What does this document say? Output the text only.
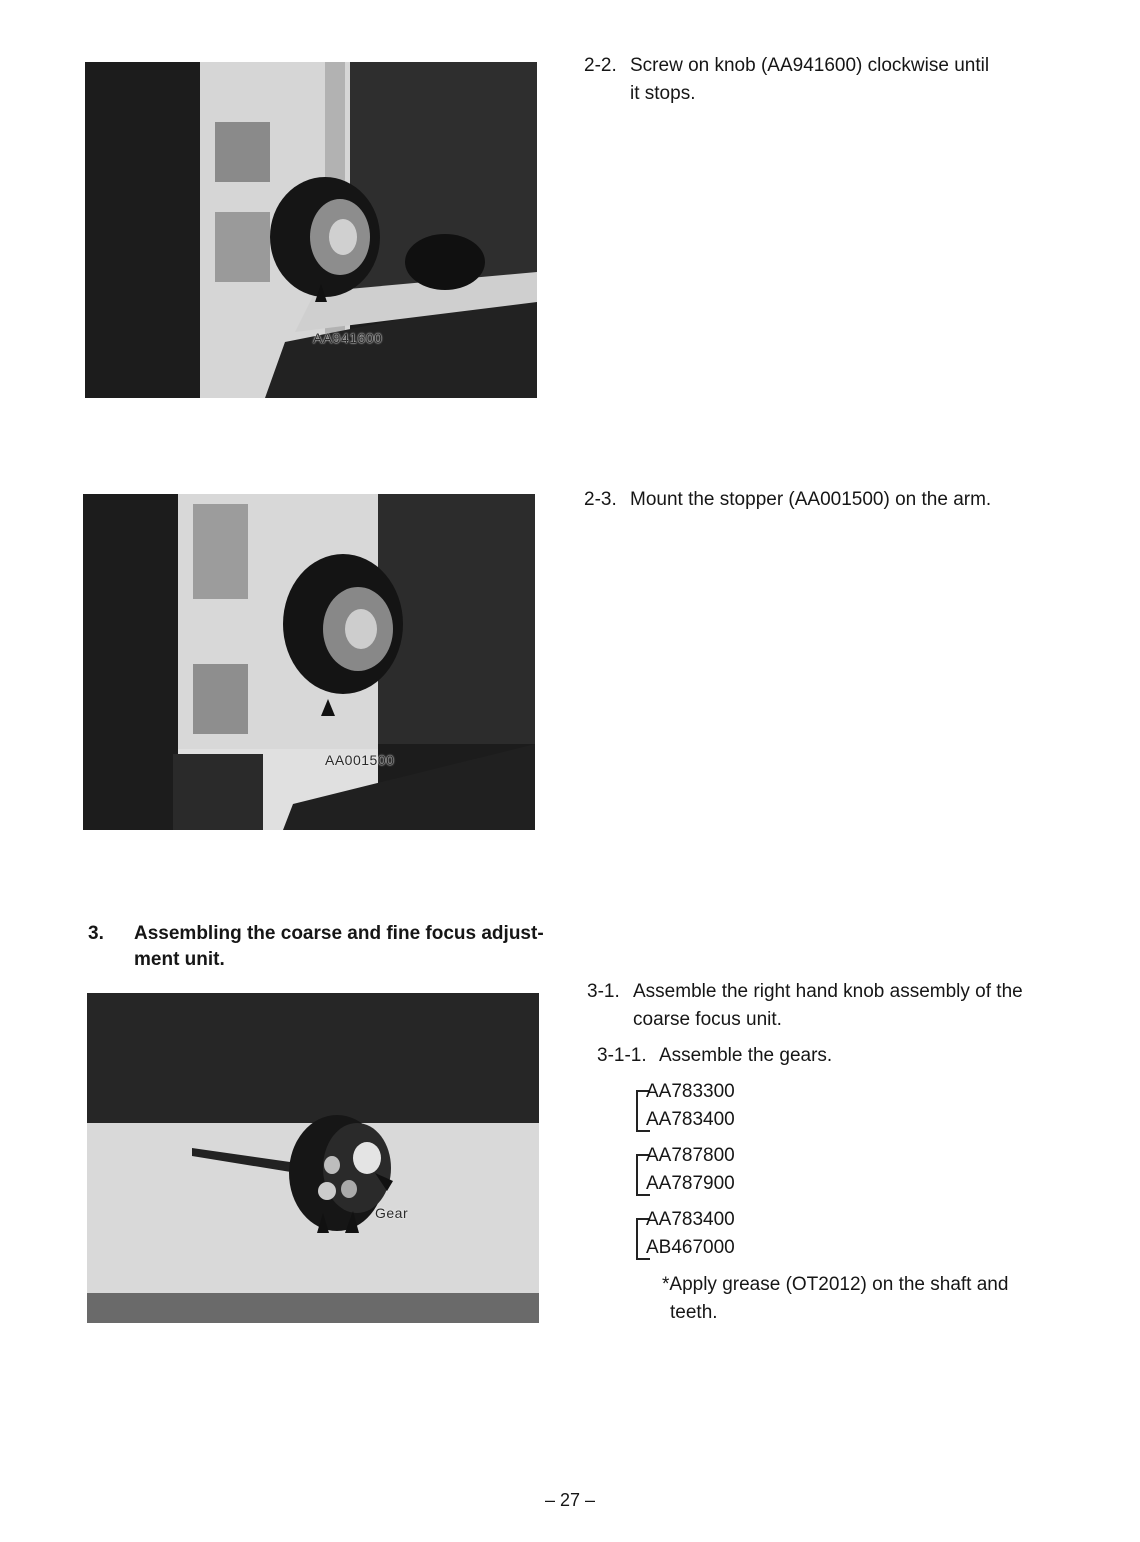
AA941600
2-2. Screw on knob (AA941600) clockwise until
it stops.
AA001500
2-3. Mount the stopper (AA001500) on the arm.
3. Assembling the coarse and fine focus adjust-
ment unit.
Gear
3-1. Assemble the right hand knob assembly of the
coarse focus unit.
3-1-1. Assemble the gears.
AA783300
AA783400
AA787800
AA787900
AA783400
AB467000
*Apply grease (OT2012) on the shaft and
teeth.
– 27 –
